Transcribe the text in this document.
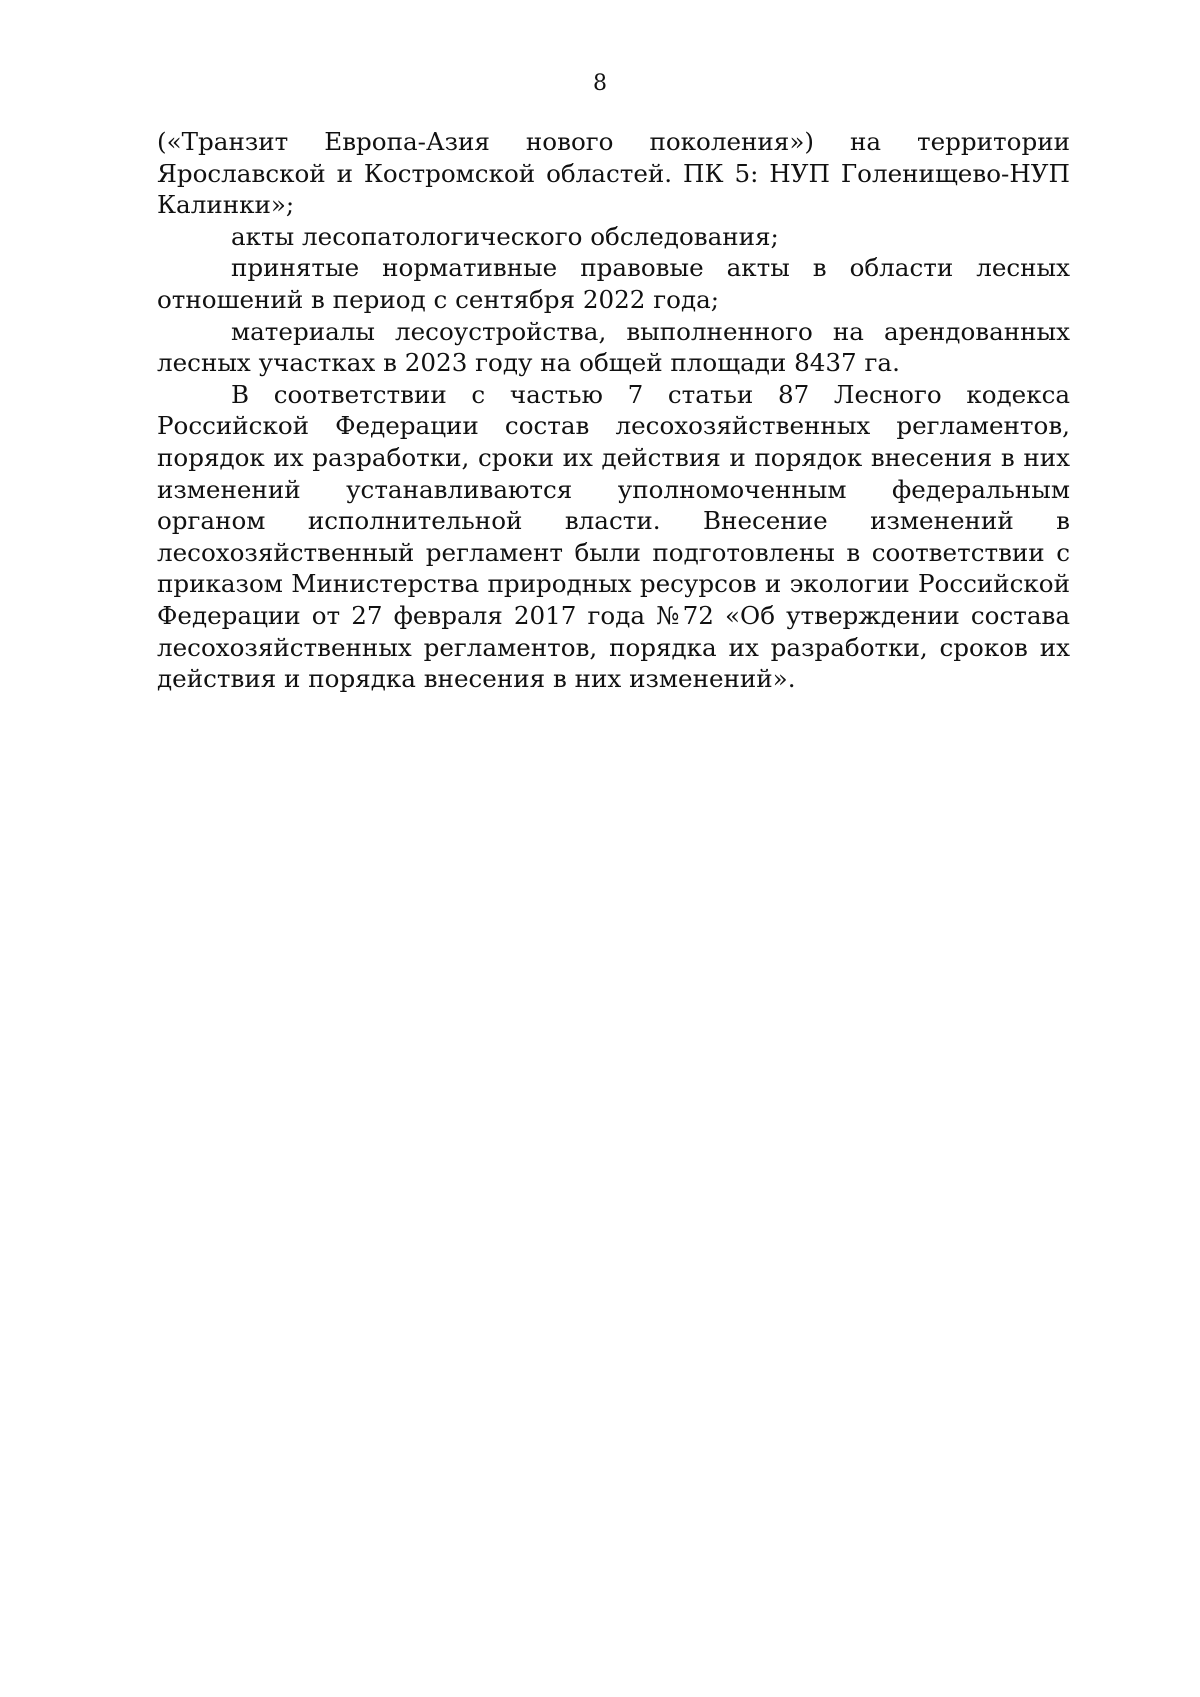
8

(«Транзит Европа-Азия нового поколения») на территории Ярославской и Костромской областей. ПК 5: НУП Голенищево-НУП Калинки»;

акты лесопатологического обследования;

принятые нормативные правовые акты в области лесных отношений в период с сентября 2022 года;

материалы лесоустройства, выполненного на арендованных лесных участках в 2023 году на общей площади 8437 га.

В соответствии с частью 7 статьи 87 Лесного кодекса Российской Федерации состав лесохозяйственных регламентов, порядок их разработки, сроки их действия и порядок внесения в них изменений устанавливаются уполномоченным федеральным органом исполнительной власти. Внесение изменений в лесохозяйственный регламент были подготовлены в соответствии с приказом Министерства природных ресурсов и экологии Российской Федерации от 27 февраля 2017 года №72 «Об утверждении состава лесохозяйственных регламентов, порядка их разработки, сроков их действия и порядка внесения в них изменений».
